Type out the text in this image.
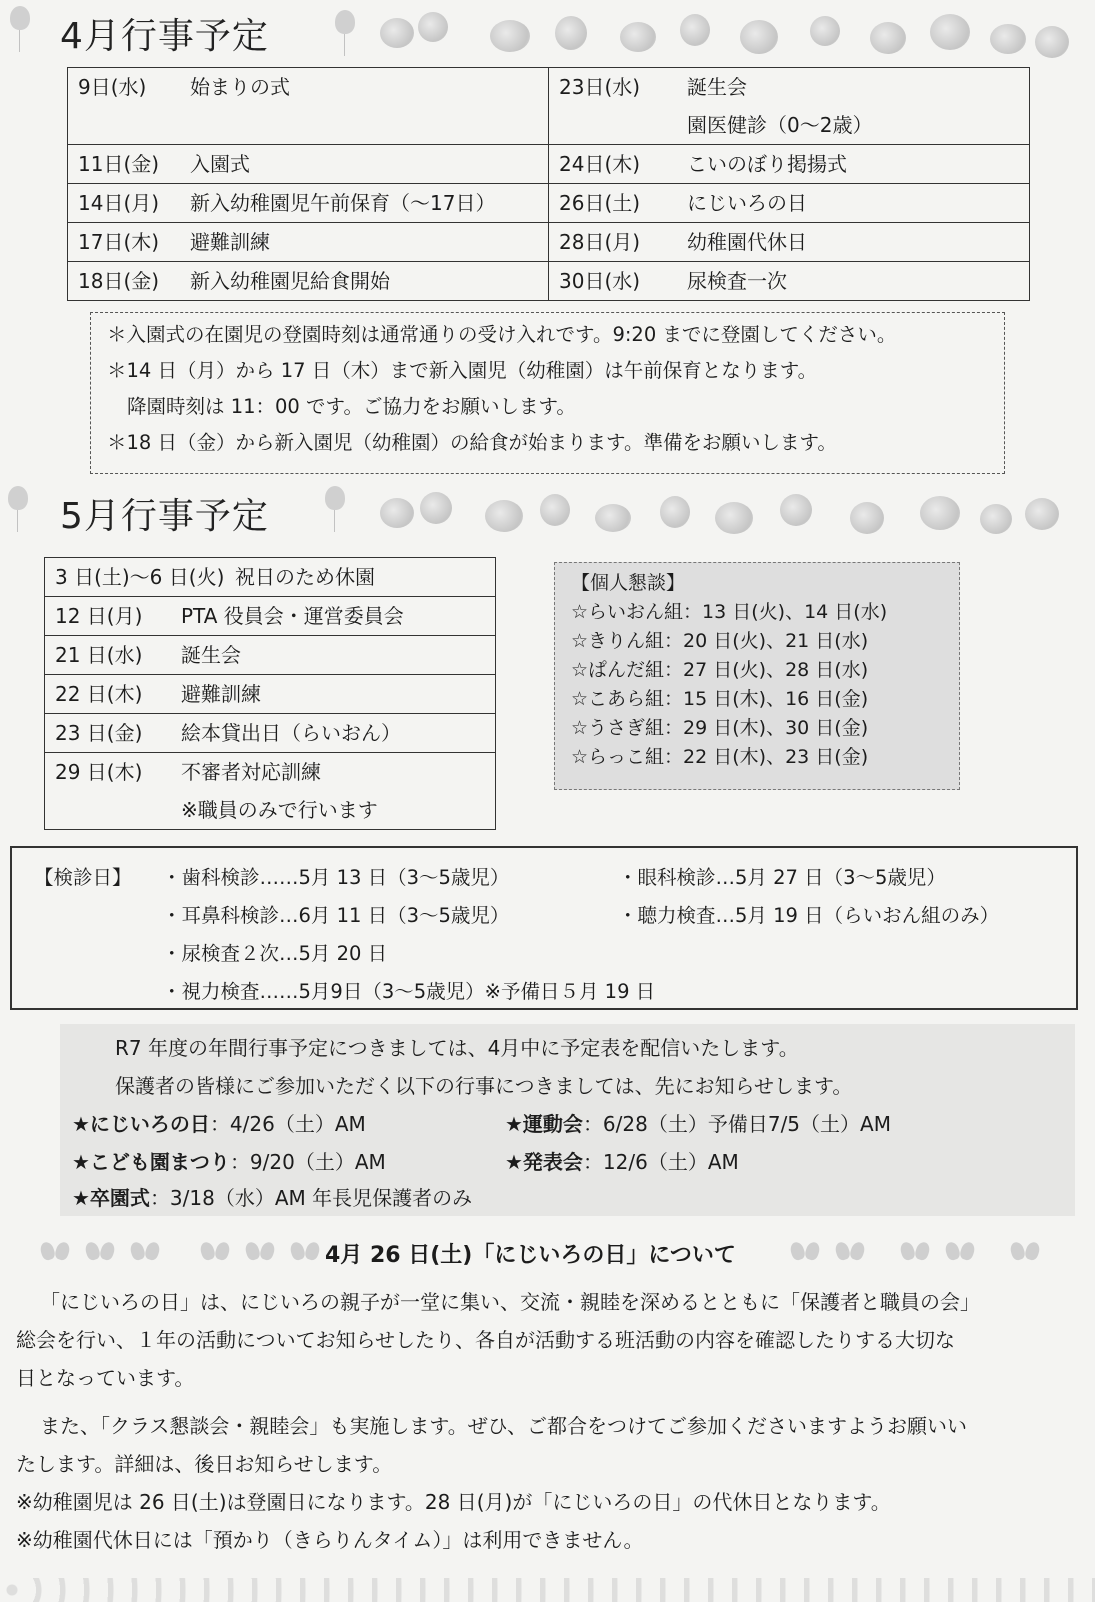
4月行事予定
9日(水) 始まりの式	23日(水) 誕生会
園医健診（0～2歳）

11日(金) 入園式	24日(木) こいのぼり掲揚式

14日(月) 新入幼稚園児午前保育（～17日）	26日(土) にじいろの日

17日(木) 避難訓練	28日(月) 幼稚園代休日

18日(金) 新入幼稚園児給食開始	30日(水) 尿検査一次
＊入園式の在園児の登園時刻は通常通りの受け入れです。9:20 までに登園してください。
＊14 日（月）から 17 日（木）まで新入園児（幼稚園）は午前保育となります。
降園時刻は 11：00 です。ご協力をお願いします。
＊18 日（金）から新入園児（幼稚園）の給食が始まります。準備をお願いします。
5月行事予定
3 日(土)～6 日(火) 祝日のため休園

12 日(月) PTA 役員会・運営委員会

21 日(水) 誕生会

22 日(木) 避難訓練

23 日(金) 絵本貸出日（らいおん）

29 日(木) 不審者対応訓練
※職員のみで行います
【個人懇談】
☆らいおん組：13 日(火)、14 日(水)
☆きりん組：20 日(火)、21 日(水)
☆ぱんだ組：27 日(火)、28 日(水)
☆こあら組：15 日(木)、16 日(金)
☆うさぎ組：29 日(木)、30 日(金)
☆らっこ組：22 日(木)、23 日(金)
【検診日】 ・歯科検診……5月 13 日（3～5歳児）	・眼科検診…5月 27 日（3～5歳児）
・耳鼻科検診…6月 11 日（3～5歳児）	・聴力検査…5月 19 日（らいおん組のみ）
・尿検査２次…5月 20 日
・視力検査……5月9日（3～5歳児）※予備日５月 19 日
R7 年度の年間行事予定につきましては、4月中に予定表を配信いたします。
保護者の皆様にご参加いただく以下の行事につきましては、先にお知らせします。
★にじいろの日：4/26（土）AM	★運動会：6/28（土）予備日7/5（土）AM
★こども園まつり：9/20（土）AM	★発表会：12/6（土）AM
★卒園式：3/18（水）AM 年長児保護者のみ
4月 26 日(土)「にじいろの日」について
「にじいろの日」は、にじいろの親子が一堂に集い、交流・親睦を深めるとともに「保護者と職員の会」
総会を行い、１年の活動についてお知らせしたり、各自が活動する班活動の内容を確認したりする大切な
日となっています。
また、「クラス懇談会・親睦会」も実施します。ぜひ、ご都合をつけてご参加くださいますようお願いい
たします。詳細は、後日お知らせします。
※幼稚園児は 26 日(土)は登園日になります。28 日(月)が「にじいろの日」の代休日となります。
※幼稚園代休日には「預かり（きらりんタイム）」は利用できません。
